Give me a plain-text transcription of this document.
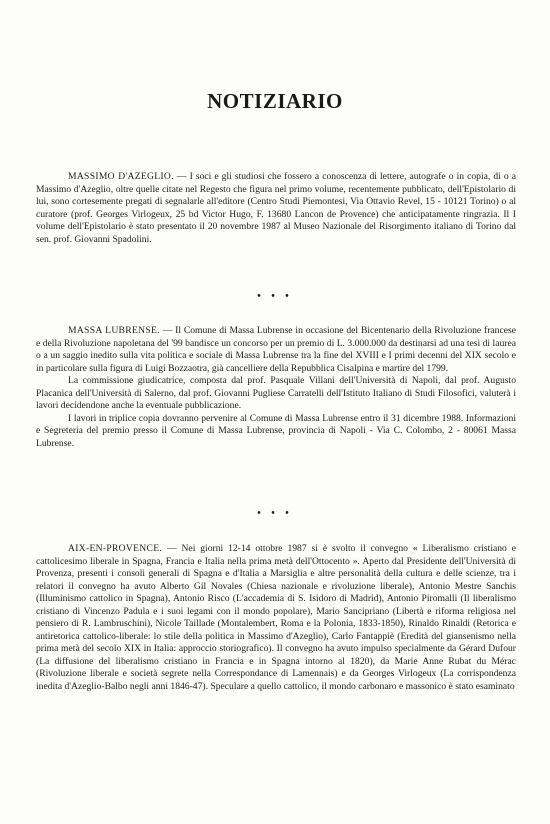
NOTIZIARIO

MASSIMO D'AZEGLIO. — I soci e gli studiosi che fossero a conoscenza di lettere, autografe o in copia, di o a Massimo d'Azeglio, oltre quelle citate nel Regesto che figura nel primo volume, recentemente pubblicato, dell'Epistolario di lui, sono cortesemente pregati di segnalarle all'editore (Centro Studi Piemontesi, Via Ottavio Revel, 15 - 10121 Torino) o al curatore (prof. Georges Virlogeux, 25 bd Victor Hugo, F. 13680 Lancon de Provence) che anticipatamente ringrazia. Il I volume dell'Epistolario è stato presentato il 20 novembre 1987 al Museo Nazionale del Risorgimento italiano di Torino dal sen. prof. Giovanni Spadolini.

• • •

MASSA LUBRENSE. — Il Comune di Massa Lubrense in occasione del Bicentenario della Rivoluzione francese e della Rivoluzione napoletana del '99 bandisce un concorso per un premio di L. 3.000.000 da destinarsi ad una tesi di laurea o a un saggio inedito sulla vita politica e sociale di Massa Lubrense tra la fine del XVIII e I primi decenni del XIX secolo e in particolare sulla figura di Luigi Bozzaotra, già cancelliere della Repubblica Cisalpina e martire del 1799.

La commissione giudicatrice, composta dal prof. Pasquale Villani dell'Università di Napoli, dal prof. Augusto Placanica dell'Università di Salerno, dal prof. Giovanni Pugliese Carratelli dell'Istituto Italiano di Studi Filosofici, valuterà i lavori decidendone anche la eventuale pubblicazione.

I lavori in triplice copia dovranno pervenire al Comune di Massa Lubrense entro il 31 dicembre 1988. Informazioni e Segreteria del premio presso il Comune di Massa Lubrense, provincia di Napoli - Via C. Colombo, 2 - 80061 Massa Lubrense.

• • •

AIX-EN-PROVENCE. — Nei giorni 12-14 ottobre 1987 si è svolto il convegno « Liberalismo cristiano e cattolicesimo liberale in Spagna, Francia e Italia nella prima metà dell'Ottocento ». Aperto dal Presidente dell'Università di Provenza, presenti i consoli generali di Spagna e d'Italia a Marsiglia e altre personalità della cultura e delle scienze, tra i relatori il convegno ha avuto Alberto Gil Novales (Chiesa nazionale e rivoluzione liberale), Antonio Mestre Sanchis (Illuminismo cattolico in Spagna), Antonio Risco (L'accademia di S. Isidoro di Madrid), Antonio Piromalli (Il liberalismo cristiano di Vincenzo Padula e i suoi legami con il mondo popolare), Mario Sancipriano (Libertà e riforma religiosa nel pensiero di R. Lambruschini), Nicole Taillade (Montalembert, Roma e la Polonia, 1833-1850), Rinaldo Rinaldi (Retorica e antiretorica cattolico-liberale: lo stile della politica in Massimo d'Azeglio), Carlo Fantappiè (Eredità del giansenismo nella prima metà del secolo XIX in Italia: approccio storiografico). Il convegno ha avuto impulso specialmente da Gérard Dufour (La diffusione del liberalismo cristiano in Francia e in Spagna intorno al 1820), da Marie Anne Rubat du Mérac (Rivoluzione liberale e società segrete nella Correspondance di Lamennais) e da Georges Virlogeux (La corrispondenza inedita d'Azeglio-Balbo negli anni 1846-47). Speculare a quello cattolico, il mondo carbonaro e massonico è stato esaminato
